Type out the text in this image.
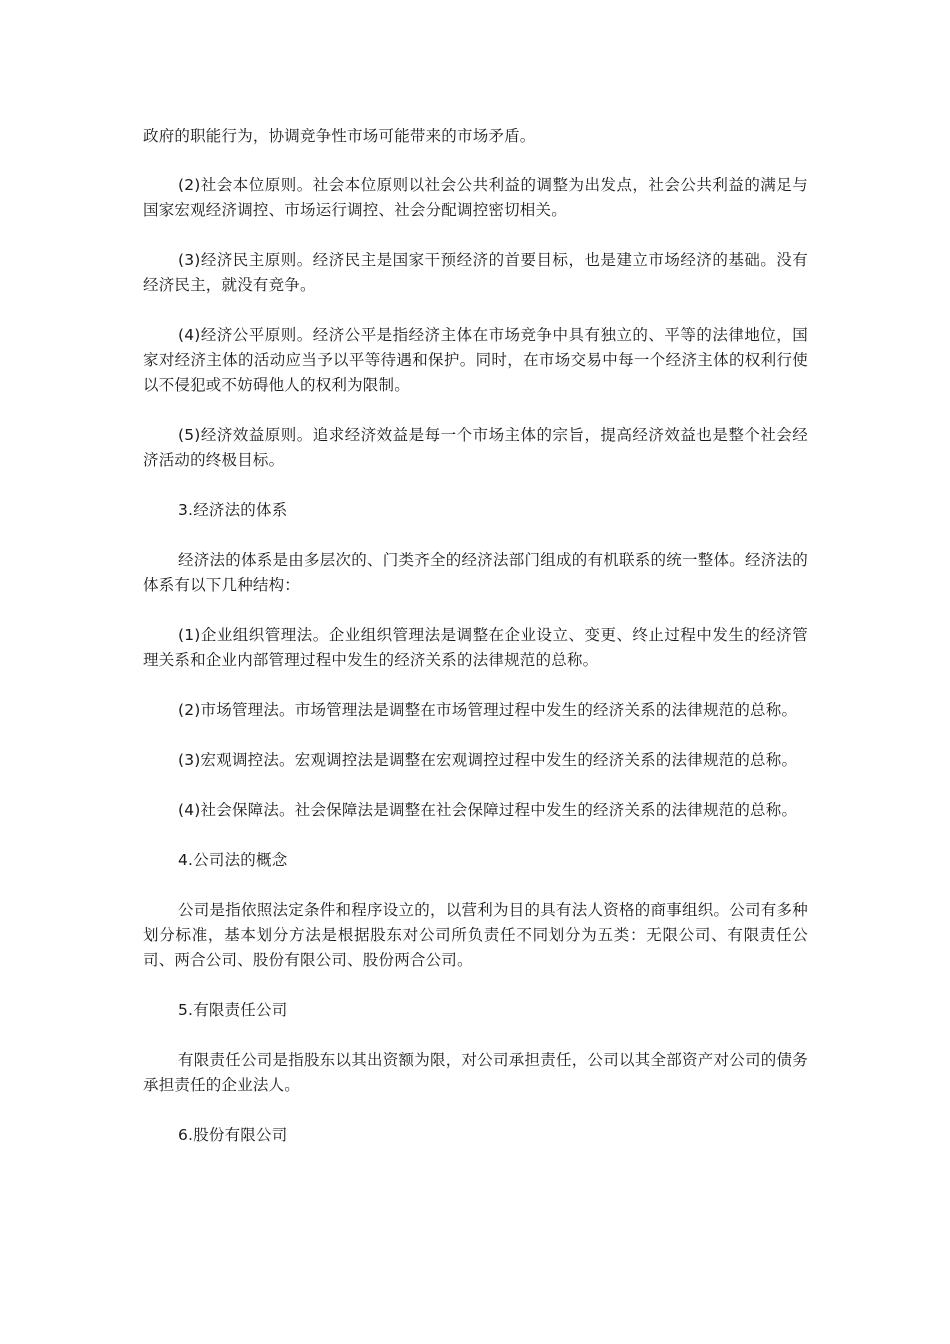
政府的职能行为，协调竞争性市场可能带来的市场矛盾。

(2)社会本位原则。社会本位原则以社会公共利益的调整为出发点，社会公共利益的满足与国家宏观经济调控、市场运行调控、社会分配调控密切相关。

(3)经济民主原则。经济民主是国家干预经济的首要目标，也是建立市场经济的基础。没有经济民主，就没有竞争。

(4)经济公平原则。经济公平是指经济主体在市场竞争中具有独立的、平等的法律地位，国家对经济主体的活动应当予以平等待遇和保护。同时，在市场交易中每一个经济主体的权利行使以不侵犯或不妨碍他人的权利为限制。

(5)经济效益原则。追求经济效益是每一个市场主体的宗旨，提高经济效益也是整个社会经济活动的终极目标。

3.经济法的体系

经济法的体系是由多层次的、门类齐全的经济法部门组成的有机联系的统一整体。经济法的体系有以下几种结构：

(1)企业组织管理法。企业组织管理法是调整在企业设立、变更、终止过程中发生的经济管理关系和企业内部管理过程中发生的经济关系的法律规范的总称。

(2)市场管理法。市场管理法是调整在市场管理过程中发生的经济关系的法律规范的总称。

(3)宏观调控法。宏观调控法是调整在宏观调控过程中发生的经济关系的法律规范的总称。

(4)社会保障法。社会保障法是调整在社会保障过程中发生的经济关系的法律规范的总称。

4.公司法的概念

公司是指依照法定条件和程序设立的，以营利为目的具有法人资格的商事组织。公司有多种划分标准，基本划分方法是根据股东对公司所负责任不同划分为五类：无限公司、有限责任公司、两合公司、股份有限公司、股份两合公司。

5.有限责任公司

有限责任公司是指股东以其出资额为限，对公司承担责任，公司以其全部资产对公司的债务承担责任的企业法人。

6.股份有限公司
